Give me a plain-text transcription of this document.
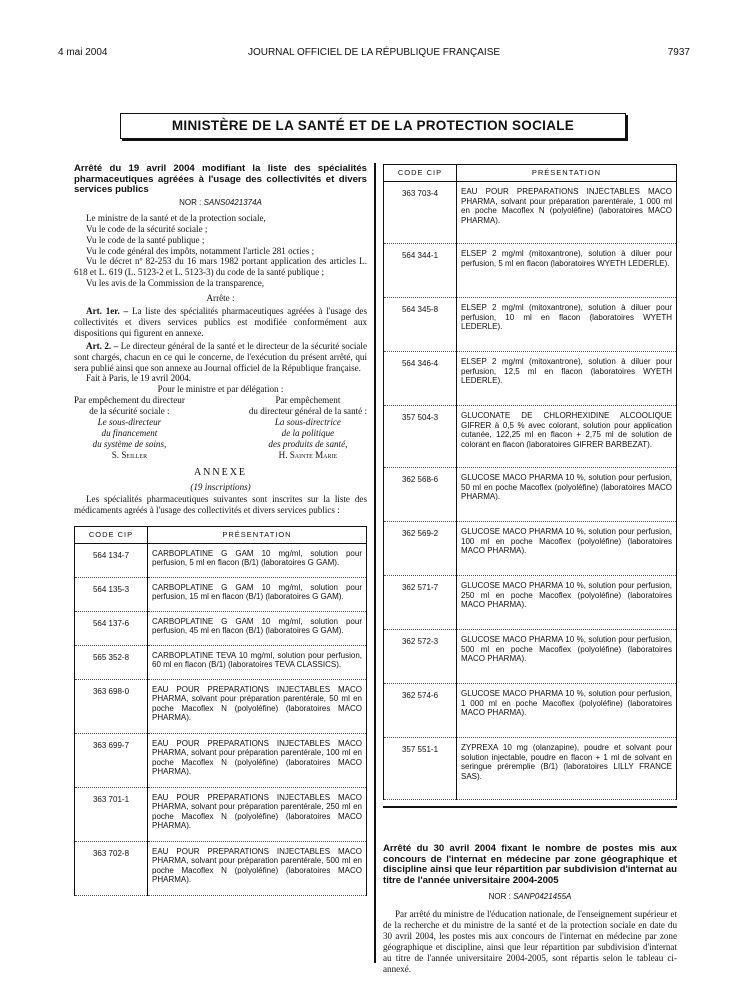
4 mai 2004	JOURNAL OFFICIEL DE LA RÉPUBLIQUE FRANÇAISE	7937
MINISTÈRE DE LA SANTÉ ET DE LA PROTECTION SOCIALE

Arrêté du 19 avril 2004 modifiant la liste des spécialités pharmaceutiques agréées à l'usage des collectivités et divers services publics

NOR : SANS0421374A

Le ministre de la santé et de la protection sociale,

Vu le code de la sécurité sociale ;

Vu le code de la santé publique ;

Vu le code général des impôts, notamment l'article 281 octies ;

Vu le décret nº 82-253 du 16 mars 1982 portant application des articles L. 618 et L. 619 (L. 5123-2 et L. 5123-3) du code de la santé publique ;

Vu les avis de la Commission de la transparence,

Arrête :

Art. 1er. – La liste des spécialités pharmaceutiques agréées à l'usage des collectivités et divers services publics est modifiée conformément aux dispositions qui figurent en annexe.

Art. 2. – Le directeur général de la santé et le directeur de la sécurité sociale sont chargés, chacun en ce qui le concerne, de l'exécution du présent arrêté, qui sera publié ainsi que son annexe au Journal officiel de la République française.

Fait à Paris, le 19 avril 2004.

Pour le ministre et par délégation :
Par empêchement du directeur
de la sécurité sociale :
Le sous-directeur
du financement
du système de soins,
S. Seiller
Par empêchement
du directeur général de la santé :
La sous-directrice
de la politique
des produits de santé,
H. Sainte Marie
ANNEXE
(19 inscriptions)

Les spécialités pharmaceutiques suivantes sont inscrites sur la liste des médicaments agréés à l'usage des collectivités et divers services publics :

CODE CIP	PRÉSENTATION
564 134-7	CARBOPLATINE G GAM 10 mg/ml, solution pour perfusion, 5 ml en flacon (B/1) (laboratoires G GAM).
564 135-3	CARBOPLATINE G GAM 10 mg/ml, solution pour perfusion, 15 ml en flacon (B/1) (laboratoires G GAM).
564 137-6	CARBOPLATINE G GAM 10 mg/ml, solution pour perfusion, 45 ml en flacon (B/1) (laboratoires G GAM).
565 352-8	CARBOPLATINE TEVA 10 mg/ml, solution pour perfusion, 60 ml en flacon (B/1) (laboratoires TEVA CLASSICS).
363 698-0	EAU POUR PREPARATIONS INJECTABLES MACO PHARMA, solvant pour préparation parentérale, 50 ml en poche Macoflex N (polyoléfine) (laboratoires MACO PHARMA).
363 699-7	EAU POUR PREPARATIONS INJECTABLES MACO PHARMA, solvant pour préparation parentérale, 100 ml en poche Macoflex N (polyoléfine) (laboratoires MACO PHARMA).
363 701-1	EAU POUR PREPARATIONS INJECTABLES MACO PHARMA, solvant pour préparation parentérale, 250 ml en poche Macoflex N (polyoléfine) (laboratoires MACO PHARMA).
363 702-8	EAU POUR PREPARATIONS INJECTABLES MACO PHARMA, solvant pour préparation parentérale, 500 ml en poche Macoflex N (polyoléfine) (laboratoires MACO PHARMA).
CODE CIP	PRÉSENTATION
363 703-4	EAU POUR PREPARATIONS INJECTABLES MACO PHARMA, solvant pour préparation parentérale, 1 000 ml en poche Macoflex N (polyoléfine) (laboratoires MACO PHARMA).
564 344-1	ELSEP 2 mg/ml (mitoxantrone), solution à diluer pour perfusion, 5 ml en flacon (laboratoires WYETH LEDERLE).
564 345-8	ELSEP 2 mg/ml (mitoxantrone), solution à diluer pour perfusion, 10 ml en flacon (laboratoires WYETH LEDERLE).
564 346-4	ELSEP 2 mg/ml (mitoxantrone), solution à diluer pour perfusion, 12,5 ml en flacon (laboratoires WYETH LEDERLE).
357 504-3	GLUCONATE DE CHLORHEXIDINE ALCOOLIQUE GIFRER à 0,5 % avec colorant, solution pour application cutanée, 122,25 ml en flacon + 2,75 ml de solution de colorant en flacon (laboratoires GIFRER BARBEZAT).
362 568-6	GLUCOSE MACO PHARMA 10 %, solution pour perfusion, 50 ml en poche Macoflex (polyoléfine) (laboratoires MACO PHARMA).
362 569-2	GLUCOSE MACO PHARMA 10 %, solution pour perfusion, 100 ml en poche Macoflex (polyoléfine) (laboratoires MACO PHARMA).
362 571-7	GLUCOSE MACO PHARMA 10 %, solution pour perfusion, 250 ml en poche Macoflex (polyoléfine) (laboratoires MACO PHARMA).
362 572-3	GLUCOSE MACO PHARMA 10 %, solution pour perfusion, 500 ml en poche Macoflex (polyoléfine) (laboratoires MACO PHARMA).
362 574-6	GLUCOSE MACO PHARMA 10 %, solution pour perfusion, 1 000 ml en poche Macoflex (polyoléfine) (laboratoires MACO PHARMA).
357 551-1	ZYPREXA 10 mg (olanzapine), poudre et solvant pour solution injectable, poudre en flacon + 1 ml de solvant en seringue préremplie (B/1) (laboratoires LILLY FRANCE SAS).

Arrêté du 30 avril 2004 fixant le nombre de postes mis aux concours de l'internat en médecine par zone géographique et discipline ainsi que leur répartition par subdivision d'internat au titre de l'année universitaire 2004-2005

NOR : SANP0421455A

Par arrêté du ministre de l'éducation nationale, de l'enseignement supérieur et de la recherche et du ministre de la santé et de la protection sociale en date du 30 avril 2004, les postes mis aux concours de l'internat en médecine par zone géographique et discipline, ainsi que leur répartition par subdivision d'internat au titre de l'année universitaire 2004-2005, sont répartis selon le tableau ci-annexé.
